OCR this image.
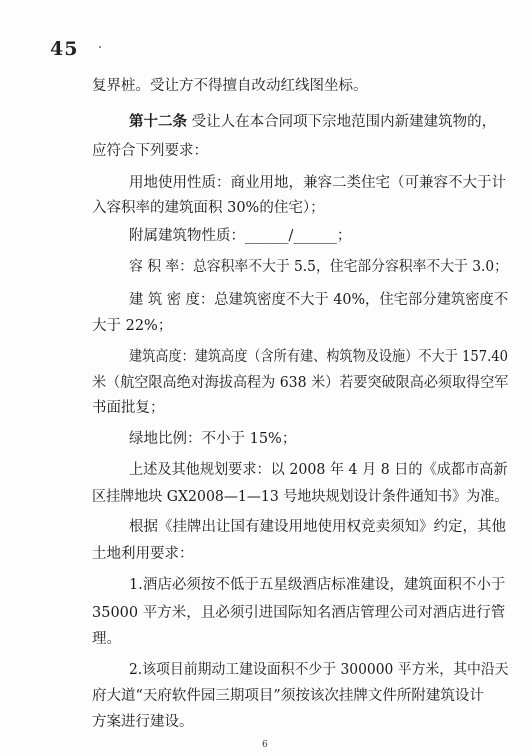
45
复界桩。受让方不得擅自改动红线图坐标。
第十二条 受让人在本合同项下宗地范围内新建建筑物的，
应符合下列要求：
用地使用性质：商业用地，兼容二类住宅（可兼容不大于计
入容积率的建筑面积 30%的住宅）；
附属建筑物性质：______/______；
容 积 率：总容积率不大于 5.5，住宅部分容积率不大于 3.0；
建 筑 密 度：总建筑密度不大于 40%，住宅部分建筑密度不
大于 22%；
建筑高度：建筑高度（含所有建、构筑物及设施）不大于 157.40
米（航空限高绝对海拔高程为 638 米）若要突破限高必须取得空军
书面批复；
绿地比例：不小于 15%；
上述及其他规划要求：以 2008 年 4 月 8 日的《成都市高新
区挂牌地块 GX2008—1—13 号地块规划设计条件通知书》为准。
根据《挂牌出让国有建设用地使用权竞卖须知》约定，其他
土地利用要求：
1.酒店必须按不低于五星级酒店标准建设，建筑面积不小于
35000 平方米，且必须引进国际知名酒店管理公司对酒店进行管
理。
2.该项目前期动工建设面积不少于 300000 平方米，其中沿天
府大道“天府软件园三期项目”须按该次挂牌文件所附建筑设计
方案进行建设。
6
